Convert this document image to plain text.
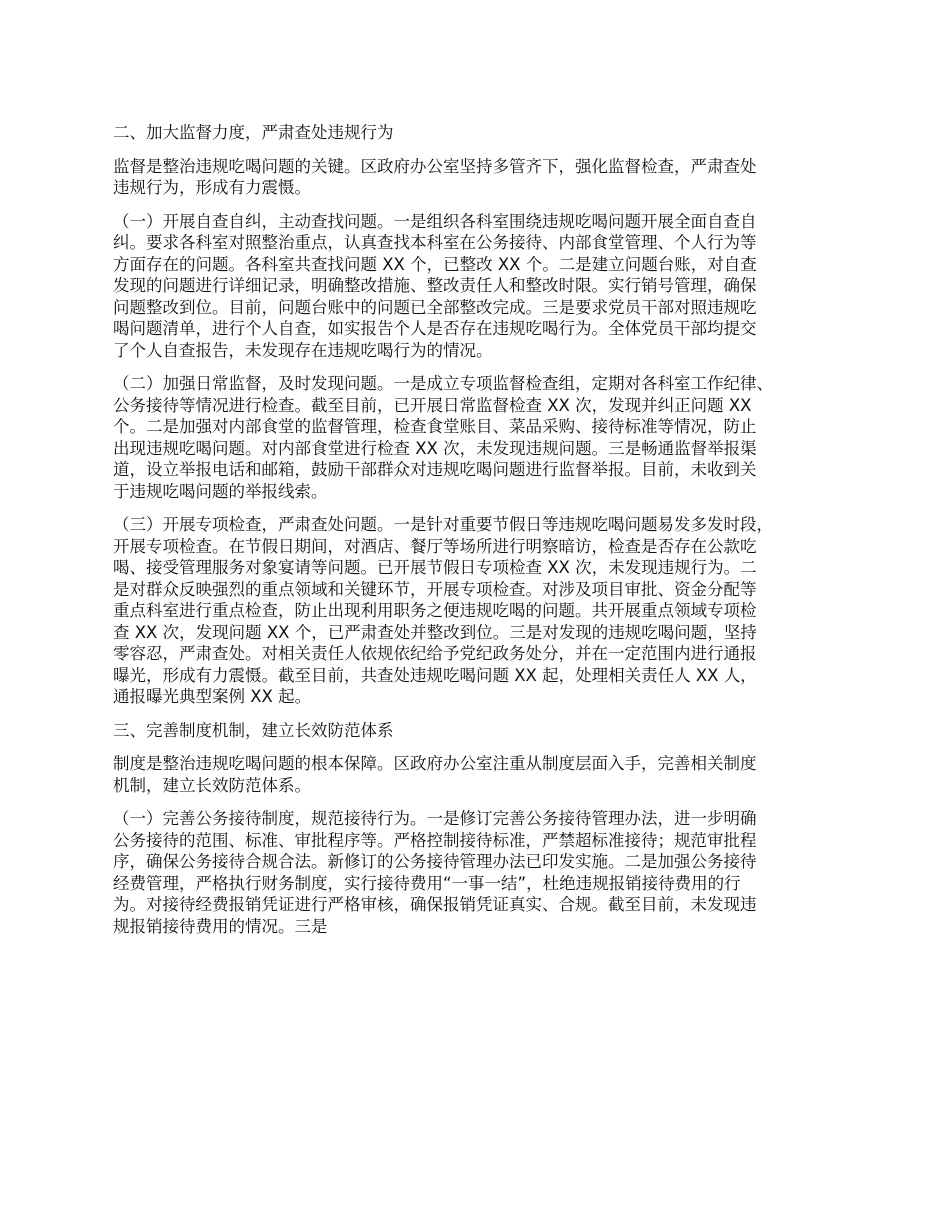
二、加大监督力度，严肃查处违规行为
监督是整治违规吃喝问题的关键。区政府办公室坚持多管齐下，强化监督检查，严肃查处
违规行为，形成有力震慑。
（一）开展自查自纠，主动查找问题。一是组织各科室围绕违规吃喝问题开展全面自查自
纠。要求各科室对照整治重点，认真查找本科室在公务接待、内部食堂管理、个人行为等
方面存在的问题。各科室共查找问题 XX 个，已整改 XX 个。二是建立问题台账，对自查
发现的问题进行详细记录，明确整改措施、整改责任人和整改时限。实行销号管理，确保
问题整改到位。目前，问题台账中的问题已全部整改完成。三是要求党员干部对照违规吃
喝问题清单，进行个人自查，如实报告个人是否存在违规吃喝行为。全体党员干部均提交
了个人自查报告，未发现存在违规吃喝行为的情况。
（二）加强日常监督，及时发现问题。一是成立专项监督检查组，定期对各科室工作纪律、
公务接待等情况进行检查。截至目前，已开展日常监督检查 XX 次，发现并纠正问题 XX
个。二是加强对内部食堂的监督管理，检查食堂账目、菜品采购、接待标准等情况，防止
出现违规吃喝问题。对内部食堂进行检查 XX 次，未发现违规问题。三是畅通监督举报渠
道，设立举报电话和邮箱，鼓励干部群众对违规吃喝问题进行监督举报。目前，未收到关
于违规吃喝问题的举报线索。
（三）开展专项检查，严肃查处问题。一是针对重要节假日等违规吃喝问题易发多发时段，
开展专项检查。在节假日期间，对酒店、餐厅等场所进行明察暗访，检查是否存在公款吃
喝、接受管理服务对象宴请等问题。已开展节假日专项检查 XX 次，未发现违规行为。二
是对群众反映强烈的重点领域和关键环节，开展专项检查。对涉及项目审批、资金分配等
重点科室进行重点检查，防止出现利用职务之便违规吃喝的问题。共开展重点领域专项检
查 XX 次，发现问题 XX 个，已严肃查处并整改到位。三是对发现的违规吃喝问题，坚持
零容忍，严肃查处。对相关责任人依规依纪给予党纪政务处分，并在一定范围内进行通报
曝光，形成有力震慑。截至目前，共查处违规吃喝问题 XX 起，处理相关责任人 XX 人，
通报曝光典型案例 XX 起。
三、完善制度机制，建立长效防范体系
制度是整治违规吃喝问题的根本保障。区政府办公室注重从制度层面入手，完善相关制度
机制，建立长效防范体系。
（一）完善公务接待制度，规范接待行为。一是修订完善公务接待管理办法，进一步明确
公务接待的范围、标准、审批程序等。严格控制接待标准，严禁超标准接待；规范审批程
序，确保公务接待合规合法。新修订的公务接待管理办法已印发实施。二是加强公务接待
经费管理，严格执行财务制度，实行接待费用“一事一结”，杜绝违规报销接待费用的行
为。对接待经费报销凭证进行严格审核，确保报销凭证真实、合规。截至目前，未发现违
规报销接待费用的情况。三是
